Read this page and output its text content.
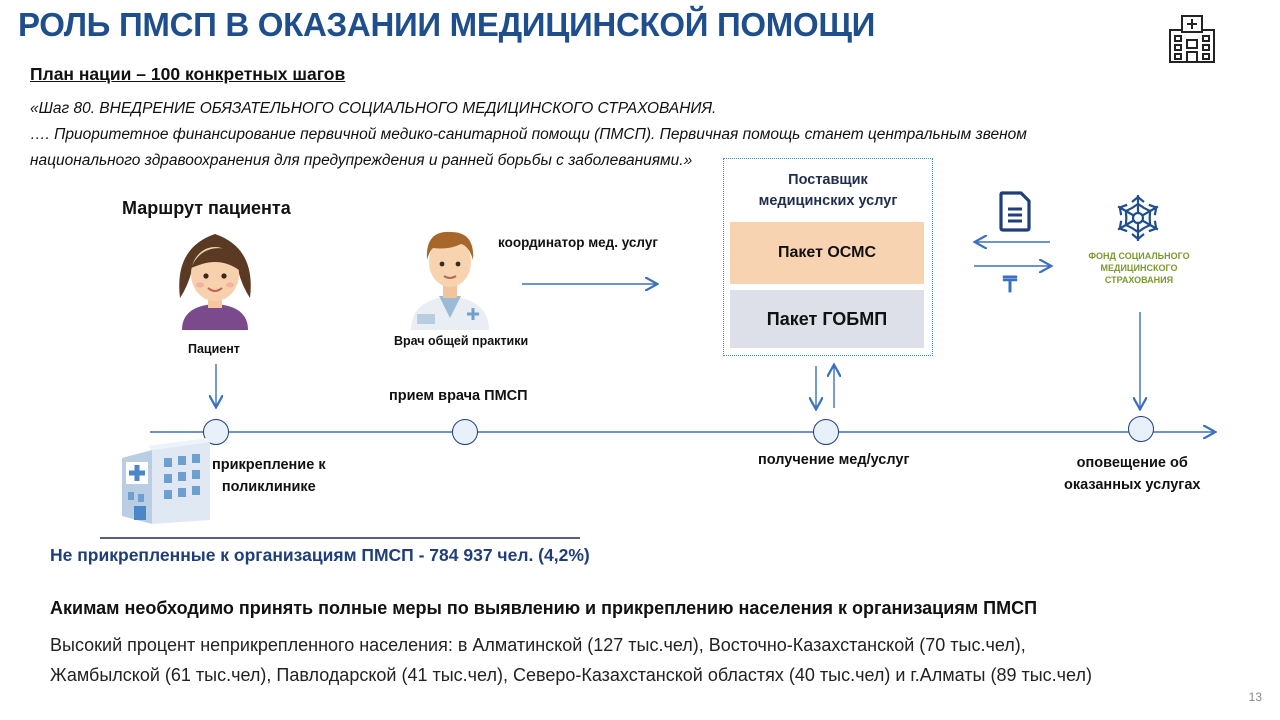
РОЛЬ ПМСП В ОКАЗАНИИ МЕДИЦИНСКОЙ ПОМОЩИ
План нации – 100 конкретных шагов
«Шаг 80. ВНЕДРЕНИЕ ОБЯЗАТЕЛЬНОГО СОЦИАЛЬНОГО МЕДИЦИНСКОГО СТРАХОВАНИЯ.
…. Приоритетное финансирование первичной медико-санитарной помощи (ПМСП). Первичная помощь станет центральным звеном
национального здравоохранения для предупреждения и ранней борьбы с заболеваниями.»
Поставщик
медицинских услуг
Пакет ОСМС
Пакет ГОБМП
Маршрут пациента
Пациент
Врач общей практики
координатор мед. услуг
ФОНД СОЦИАЛЬНОГО
МЕДИЦИНСКОГО
СТРАХОВАНИЯ
₸
прием врача ПМСП
прикрепление к
поликлинике
получение мед/услуг	оповещение об
оказанных услугах
Не прикрепленные к организациям ПМСП - 784 937 чел. (4,2%)
Акимам необходимо принять полные меры по выявлению и прикреплению населения к организациям ПМСП
Высокий процент неприкрепленного населения: в Алматинской (127 тыс.чел), Восточно-Казахстанской (70 тыс.чел),
Жамбылской (61 тыс.чел), Павлодарской (41 тыс.чел), Северо-Казахстанской областях (40 тыс.чел) и г.Алматы (89 тыс.чел)
13
